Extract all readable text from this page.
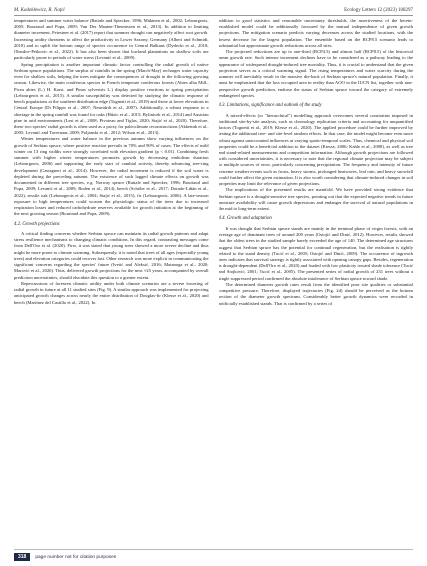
M. Kadekłewicz, R. Naţić	Ecology Letters 12 (2023) 108297

temperatures and summer water balance (Ratiale and Spiecker, 1996; Mäkinen et al., 2002; Lebourgeois, 2005; Bouriaud and Popa, 2009; Van Der Maaten-Theunissen et al., 2013). In addition to limiting diameter increment, Feiestner et al. (2017) report that summer drought can negatively affect root growth. Increasing aridity threatens to affect the productivity in Lower Saxony, Germany (Albert and Schmidt, 2010) and to uplift the bottom range of species occurrence in Central Balkans (Dydecki et al., 2018; Obrsdov-Petkovic et al., 2022). It has also been shown that lowland plantations on shallow soils are particularly prone to periods of water stress (Levanić et al., 2009).

Spring precipitation is another important climatic factor controlling the radial growth of native Serbian spruce populations. The surplus of rainfalls in the spring (March-May) recharges water capacity even for shallow soils, helping the trees mitigate the consequences of drought in the following growing season. Likewise, the main coniferous species in French temperate coniferous forests (Abies alba Mill., Picea abies (L.) H. Karst. and Pinus sylvestris L.) display positive reactions to spring precipitation (Lebourgeois et al., 2013). A similar susceptibility was detected by studying the climatic response of beech populations at the southern distribution edge (Tognetti et al., 2019) and those at lower elevations in Central Europe (Di Filippo et al., 2007; Nesnidrilt et al., 2007). Additionally, a robust response to a shortage in the spring rainfall was found for oaks (Húzic et al., 2015; Bylinicek et al., 2014) and Austrian pine in arid environments (Lesi et al., 2008; Pivoteau and Tiglas, 2020; Stajić et al., 2020). Therefore, these two species' radial growth is often used as a proxy for paleoclimate reconstructions (Akkemik et al., 2005; Levanić and Tavernaar, 2009; Poljanski et al., 2012; Wilson et al., 2013).

Winter temperatures and water balance in the previous autumn show varying influences on the growth of Serbian spruce, where positive reaction prevails in 70% and 90% of cases. The effects of mild winter on 13 ring widths were strongly correlated with elevation gradient (p < 0.01). Combining fresh summer with higher winter temperatures promotes growth by decreasing embolism duration (Lebourgeois, 2006) and supporting the early start of cambial activity, thereby advancing tree-ring development (Castagneri et al., 2014). However, the radial increment is reduced if the soil water is depleted during the preceding autumn. The existence of such lagged climate effects on growth was documented in different tree species, e.g. Norway spruce (Ratiale and Spiecker, 1996; Bouriaud and Popa, 2009; Levanić et al., 2009; Boden et al., 2014), beech (Schöler et al., 2017; Dorado-Liñán et al., 2022), sessile oak (Lebourgeois et al., 2004; Stajić et al., 2015), fir (Lebourgeois, 2006). A late-season exposure to high temperatures could worsen the physiologic status of the trees due to increased respiration losses and reduced carbohydrate reserves available for growth initiation at the beginning of the next growing season (Bouriaud and Popa, 2009).

4.2. Growth projections

A critical finding concerns whether Serbian spruce can maintain its radial growth patterns and adapt stress resilience mechanisms to changing climatic conditions. In this regard, contrasting messages come from Dell'Oro et al. (2020). First, it was stated that young trees showed a more severe decline and thus might be more prone to climate warming. Subsequently, it is noted that trees of all ages (especially young trees) and elevation categories could recover fast. Other research was more explicit in communicating the significant concerns regarding the species' future (Ivetić and Aleksić, 2016; Matanoga et al., 2020; Marović et al., 2020). Thus, delivered growth projections for the next ≈25 years, accompanied by overall prediction uncertainties, should elucidate this question to a greater extent.

Repercussions of foreseen climatic aridity under both climate scenarios are a severe lowering of radial growth in future at all 11 studied sites (Fig. 9). A similar approach was implemented for projecting anticipated growth changes across nearly the entire distribution of Douglas-fir (Klesse et al., 2020) and beech (Martínez del Castillo et al., 2022). In

addition to good statistics and reasonable uncertainty thresholds, the assertiveness of the herein-established model could be additionally favoured by the mutual independence of given growth projections. The mitigation scenario predicts varying decreases across the studied locations, with the lowest decrease for the largest population. The ensemble based on the RCP8.5 scenario leads to substantial but approximate growth reductions across all sites.

The projected reductions are up to one-third (RCP4.5) and almost half (RCP8.5) of the historical mean growth rate. Such intense increment declines have to be considered as a pathway leading to the appearance of widespread drought-induced tree mortality. Thus, it is crucial to understand that the given projection serves as a critical warming signal. The rising temperatures and water scarcity during the summer will inevitably result in the massive die-back of Serbian spruce's natural population. Finally, it must be emphasized that the loss occupied area in reality than AOO in the IUCN list, together with non-perspective growth prediction, endorse the status of Serbian spruce toward the category of extremely endangered species.

4.3. Limitations, significance and outlook of the study

A mixed-effects (or "hierarchical") modelling approach overcomes several constraints imposed in traditional site-by-site analysis, such as chronology replication criteria and accounting for unquantified factors (Tognetti et al., 2019; Klesse et al., 2020). The applied procedure could be further improved by testing the additional tree- and site-level random effects. In that case, the model might become even more robust against unaccounted influences at varying spatio-temporal scales. Thus, chemical and physical soil properties could be a beneficial addition to the dataset (Kiesse, 2006; Kahle et al., 2008), as well as tree and stand-related measurements and competition information. Although growth projections are followed with considered uncertainties, it is necessary to note that the regional climate projection may be subject to multiple sources of error, particularly concerning precipitation. The frequency and intensity of future extreme weather events such as frosts, heavy storms, prolonged heatwaves, leaf rain, and heavy snowfall could further affect the given estimation. It is also worth considering that climate-induced changes in soil properties may limit the relevance of given projections.

The implications of the presented results are manifold. We have provided strong evidence that Serbian spruce is a drought-sensitive tree species, pointing out that the expected negative trends in future moisture availability will cause growth depressions and endanger the survival of natural populations in the mid to long-term extent.

4.4. Growth and adaptation

It was thought that Serbian spruce stands are mainly in the terminal phase of virgin forests, with an average age of dominant trees of around 200 years (Ostojić and Dinić, 2012). However, results showed that the oldest trees in the studied sample barely exceeded the age of 140. The determined age structures suggest that Serbian spruce has the potential for continual regeneration, but the realisation is tightly related to the stand density (Tucić et al., 2005; Ostojić and Dinić, 2009). The occurrence of ingrowth trees indicates that survival strategy is tightly associated with opening canopy gaps. Besides, regeneration is drought-dependent (Dell'Oro et al., 2020) and loaded with low plasticity toward shade tolerance (Tucić and Stojković, 2001; Tucić et al., 2005). The presented series of radial growth of 231 trees without a single suppressed period confirmed the absolute intolerance of Serbian spruce toward shade.

The determined diameter growth rates result from the identified poor site qualities or substantial competitive pressure. Therefore, displayed trajectories (Fig. 2d) should be perceived as the bottom section of the diameter growth spectrum. Considerably better growth dynamics were recorded in artificially established stands. That is confirmed by a series of

318	page number not for citation purposes
